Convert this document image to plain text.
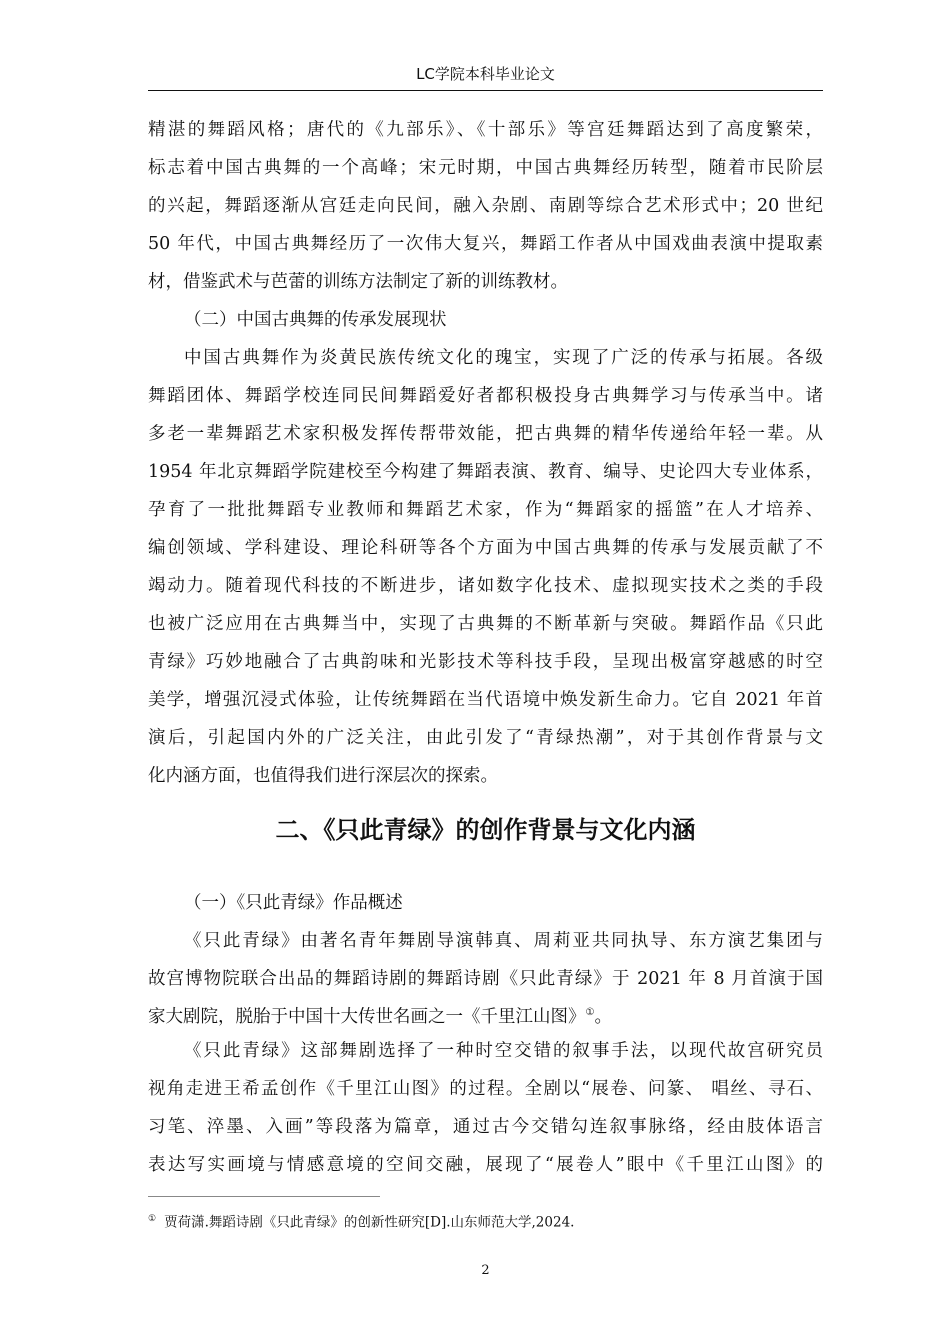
LC学院本科毕业论文
精湛的舞蹈风格；唐代的《九部乐》、《十部乐》等宫廷舞蹈达到了高度繁荣，
标志着中国古典舞的一个高峰；宋元时期，中国古典舞经历转型，随着市民阶层
的兴起，舞蹈逐渐从宫廷走向民间，融入杂剧、南剧等综合艺术形式中；20 世纪
50 年代，中国古典舞经历了一次伟大复兴，舞蹈工作者从中国戏曲表演中提取素
材，借鉴武术与芭蕾的训练方法制定了新的训练教材。
（二）中国古典舞的传承发展现状
中国古典舞作为炎黄民族传统文化的瑰宝，实现了广泛的传承与拓展。各级
舞蹈团体、舞蹈学校连同民间舞蹈爱好者都积极投身古典舞学习与传承当中。诸
多老一辈舞蹈艺术家积极发挥传帮带效能，把古典舞的精华传递给年轻一辈。从
1954 年北京舞蹈学院建校至今构建了舞蹈表演、教育、编导、史论四大专业体系，
孕育了一批批舞蹈专业教师和舞蹈艺术家，作为“舞蹈家的摇篮”在人才培养、
编创领域、学科建设、理论科研等各个方面为中国古典舞的传承与发展贡献了不
竭动力。随着现代科技的不断进步，诸如数字化技术、虚拟现实技术之类的手段
也被广泛应用在古典舞当中，实现了古典舞的不断革新与突破。舞蹈作品《只此
青绿》巧妙地融合了古典韵味和光影技术等科技手段，呈现出极富穿越感的时空
美学，增强沉浸式体验，让传统舞蹈在当代语境中焕发新生命力。它自 2021 年首
演后，引起国内外的广泛关注，由此引发了“青绿热潮”，对于其创作背景与文
化内涵方面，也值得我们进行深层次的探索。
二、《只此青绿》的创作背景与文化内涵
（一）《只此青绿》作品概述
《只此青绿》由著名青年舞剧导演韩真、周莉亚共同执导、东方演艺集团与
故宫博物院联合出品的舞蹈诗剧的舞蹈诗剧《只此青绿》于 2021 年 8 月首演于国
家大剧院，脱胎于中国十大传世名画之一《千里江山图》①。
《只此青绿》这部舞剧选择了一种时空交错的叙事手法，以现代故宫研究员
视角走进王希孟创作《千里江山图》的过程。全剧以“展卷、问篆、 唱丝、寻石、
习笔、淬墨、入画”等段落为篇章，通过古今交错勾连叙事脉络，经由肢体语言
表达写实画境与情感意境的空间交融，展现了“展卷人”眼中《千里江山图》的
① 贾荷潇.舞蹈诗剧《只此青绿》的创新性研究[D].山东师范大学,2024.
2
